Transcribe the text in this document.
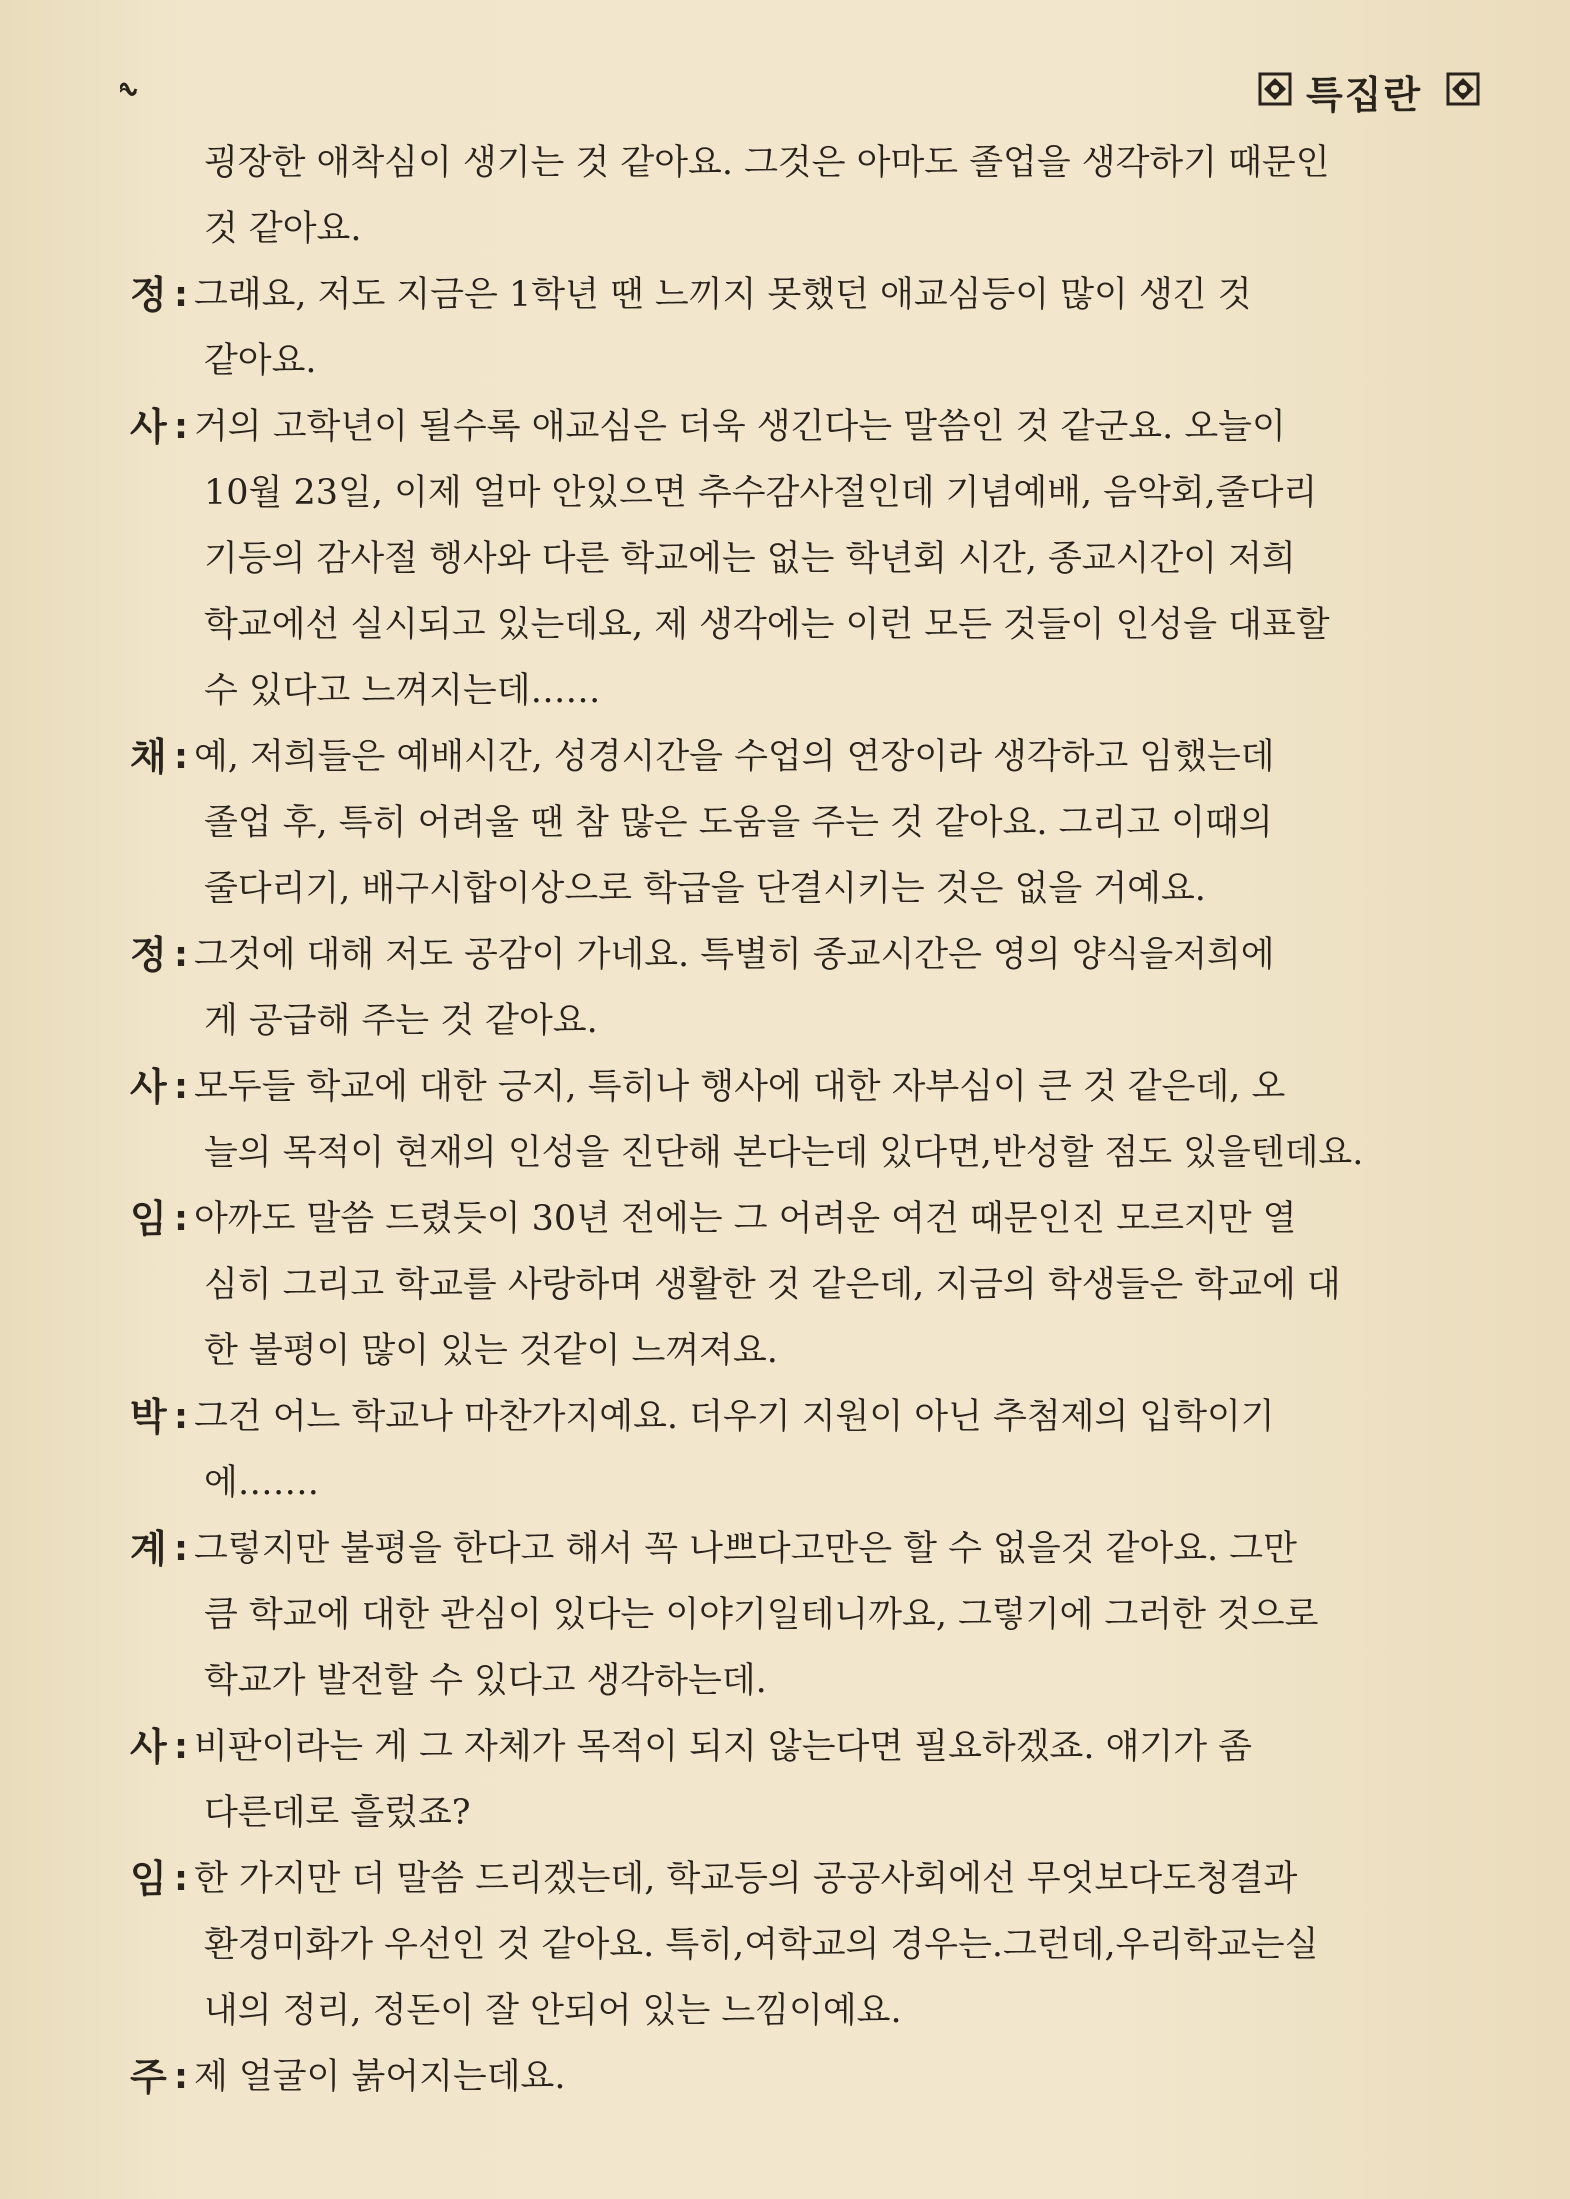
특집란
굉장한 애착심이 생기는 것 같아요. 그것은 아마도 졸업을 생각하기 때문인
것 같아요.
정 : 그래요, 저도 지금은 1학년 땐 느끼지 못했던 애교심등이 많이 생긴 것
같아요.
사 : 거의 고학년이 될수록 애교심은 더욱 생긴다는 말씀인 것 같군요. 오늘이
10월 23일, 이제 얼마 안있으면 추수감사절인데 기념예배, 음악회,줄다리
기등의 감사절 행사와 다른 학교에는 없는 학년회 시간, 종교시간이 저희
학교에선 실시되고 있는데요, 제 생각에는 이런 모든 것들이 인성을 대표할
수 있다고 느껴지는데……
채 : 예, 저희들은 예배시간, 성경시간을 수업의 연장이라 생각하고 임했는데
졸업 후, 특히 어려울 땐 참 많은 도움을 주는 것 같아요. 그리고 이때의
줄다리기, 배구시합이상으로 학급을 단결시키는 것은 없을 거예요.
정 : 그것에 대해 저도 공감이 가네요. 특별히 종교시간은 영의 양식을저희에
게 공급해 주는 것 같아요.
사 : 모두들 학교에 대한 긍지, 특히나 행사에 대한 자부심이 큰 것 같은데, 오
늘의 목적이 현재의 인성을 진단해 본다는데 있다면,반성할 점도 있을텐데요.
임 : 아까도 말씀 드렸듯이 30년 전에는 그 어려운 여건 때문인진 모르지만 열
심히 그리고 학교를 사랑하며 생활한 것 같은데, 지금의 학생들은 학교에 대
한 불평이 많이 있는 것같이 느껴져요.
박 : 그건 어느 학교나 마찬가지예요. 더우기 지원이 아닌 추첨제의 입학이기
에…….
계 : 그렇지만 불평을 한다고 해서 꼭 나쁘다고만은 할 수 없을것 같아요. 그만
큼 학교에 대한 관심이 있다는 이야기일테니까요, 그렇기에 그러한 것으로
학교가 발전할 수 있다고 생각하는데.
사 : 비판이라는 게 그 자체가 목적이 되지 않는다면 필요하겠죠. 얘기가 좀
다른데로 흘렀죠?
임 : 한 가지만 더 말씀 드리겠는데, 학교등의 공공사회에선 무엇보다도청결과
환경미화가 우선인 것 같아요. 특히,여학교의 경우는.그런데,우리학교는실
내의 정리, 정돈이 잘 안되어 있는 느낌이예요.
주 : 제 얼굴이 붉어지는데요.
